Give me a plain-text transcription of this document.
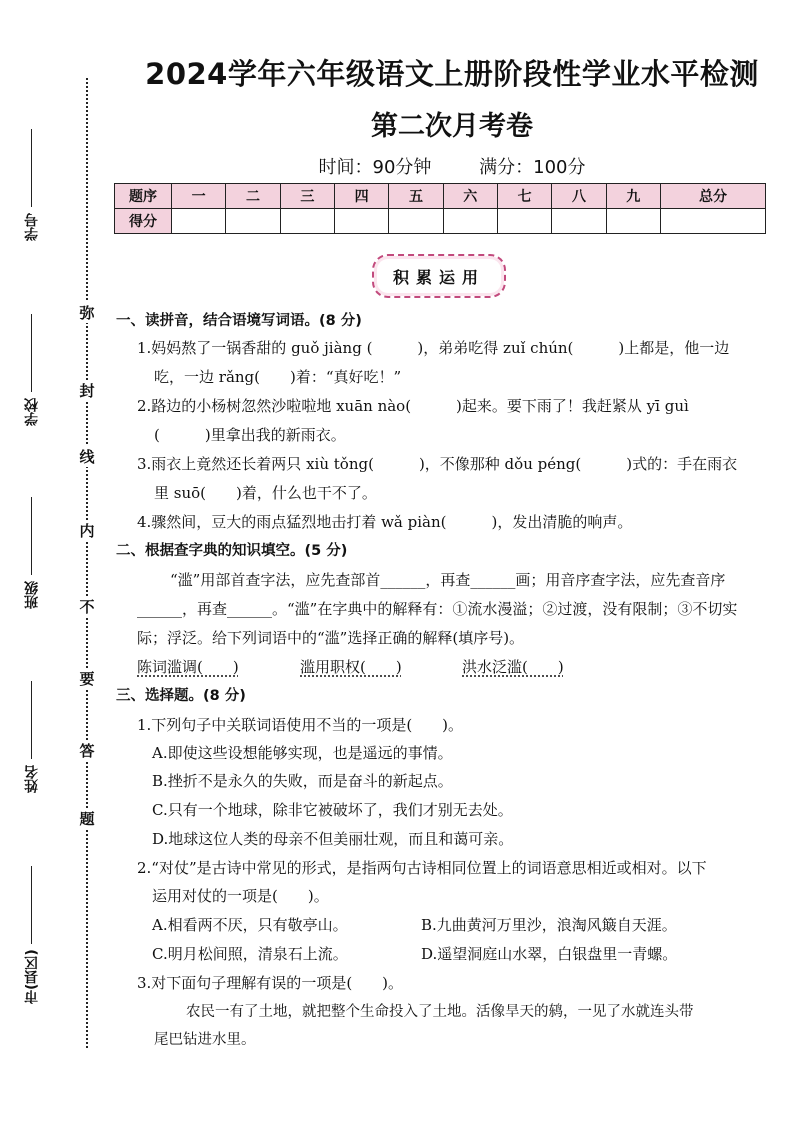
学号
学校
班级
姓名
市(县区)
弥
封
线
内
不
要
答
题
2024学年六年级语文上册阶段性学业水平检测
第二次月考卷
时间：90分钟	满分：100分
题序	一	二	三	四	五	六	七	八	九	总分
得分										
积累运用
一、读拼音，结合语境写词语。(8 分)
1.妈妈熬了一锅香甜的 guǒ jiàng (　　　)，弟弟吃得 zuǐ chún(　　　)上都是，他一边
吃，一边 rǎng(　　)着：“真好吃！”
2.路边的小杨树忽然沙啦啦地 xuān nào(　　　)起来。要下雨了！我赶紧从 yī guì
(　　　)里拿出我的新雨衣。
3.雨衣上竟然还长着两只 xiù tǒng(　　　)，不像那种 dǒu péng(　　　)式的：手在雨衣
里 suō(　　)着，什么也干不了。
4.骤然间，豆大的雨点猛烈地击打着 wǎ piàn(　　　)，发出清脆的响声。
二、根据查字典的知识填空。(5 分)
“滥”用部首查字法，应先查部首______，再查______画；用音序查字法，应先查音序
______，再查______。“滥”在字典中的解释有：①流水漫溢；②过渡，没有限制；③不切实
际；浮泛。给下列词语中的“滥”选择正确的解释(填序号)。
陈词滥调(　　)	滥用职权(　　)	洪水泛滥(　　)
三、选择题。(8 分)
1.下列句子中关联词语使用不当的一项是(　　)。
A.即使这些设想能够实现，也是遥远的事情。
B.挫折不是永久的失败，而是奋斗的新起点。
C.只有一个地球，除非它被破坏了，我们才别无去处。
D.地球这位人类的母亲不但美丽壮观，而且和蔼可亲。
2.“对仗”是古诗中常见的形式，是指两句古诗相同位置上的词语意思相近或相对。以下
运用对仗的一项是(　　)。
A.相看两不厌，只有敬亭山。	B.九曲黄河万里沙，浪淘风簸自天涯。
C.明月松间照，清泉石上流。	D.遥望洞庭山水翠，白银盘里一青螺。
3.对下面句子理解有误的一项是(　　)。
农民一有了土地，就把整个生命投入了土地。活像旱天的鸫，一见了水就连头带
尾巴钻进水里。
